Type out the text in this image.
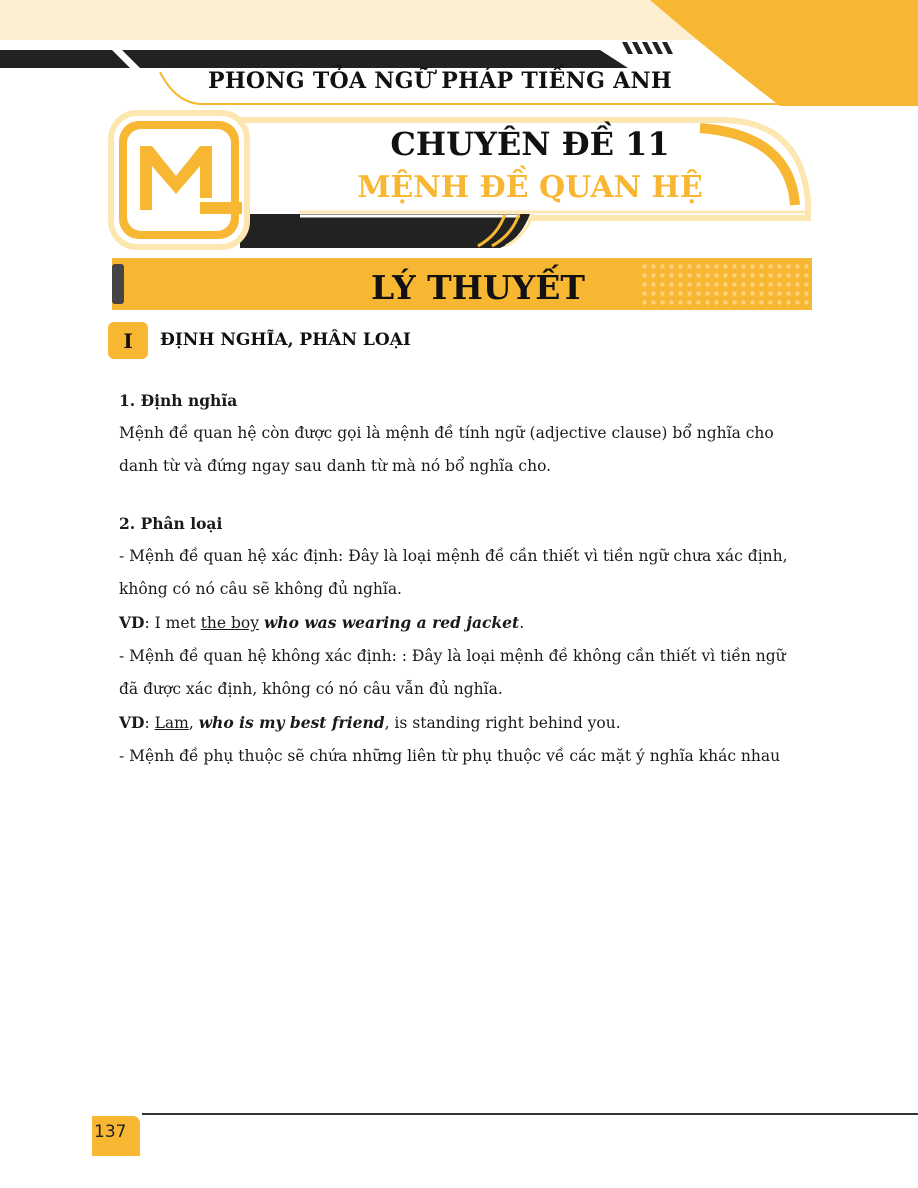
PHONG TỎA NGỮ PHÁP TIẾNG ANH
CHUYÊN ĐỀ 11
MỆNH ĐỀ QUAN HỆ
LÝ THUYẾT
I	ĐỊNH NGHĨA, PHÂN LOẠI

1. Định nghĩa

Mệnh đề quan hệ còn được gọi là mệnh đề tính ngữ (adjective clause) bổ nghĩa cho danh từ và đứng ngay sau danh từ mà nó bổ nghĩa cho.

2. Phân loại

- Mệnh đề quan hệ xác định: Đây là loại mệnh đề cần thiết vì tiền ngữ chưa xác định, không có nó câu sẽ không đủ nghĩa.

VD: I met the boy who was wearing a red jacket.

- Mệnh đề quan hệ không xác định: : Đây là loại mệnh đề không cần thiết vì tiền ngữ đã được xác định, không có nó câu vẫn đủ nghĩa.

VD: Lam, who is my best friend, is standing right behind you.

- Mệnh đề phụ thuộc sẽ chứa những liên từ phụ thuộc về các mặt ý nghĩa khác nhau

137
